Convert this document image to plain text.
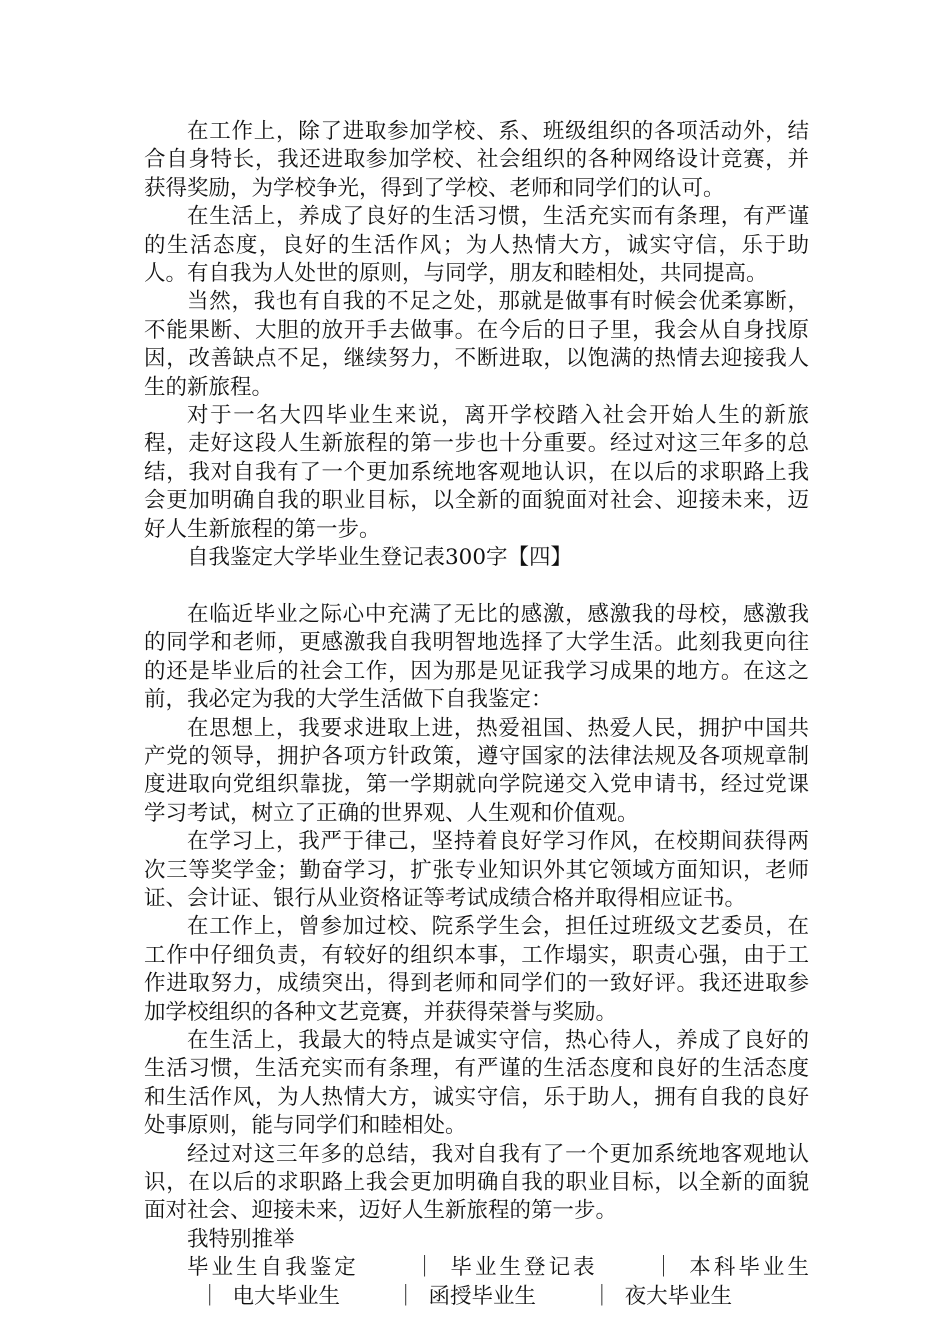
在工作上，除了进取参加学校、系、班级组织的各项活动外，结合自身特长，我还进取参加学校、社会组织的各种网络设计竞赛，并获得奖励，为学校争光，得到了学校、老师和同学们的认可。

在生活上，养成了良好的生活习惯，生活充实而有条理，有严谨的生活态度，良好的生活作风；为人热情大方，诚实守信，乐于助人。有自我为人处世的原则，与同学，朋友和睦相处，共同提高。

当然，我也有自我的不足之处，那就是做事有时候会优柔寡断，不能果断、大胆的放开手去做事。在今后的日子里，我会从自身找原因，改善缺点不足，继续努力，不断进取，以饱满的热情去迎接我人生的新旅程。

对于一名大四毕业生来说，离开学校踏入社会开始人生的新旅程，走好这段人生新旅程的第一步也十分重要。经过对这三年多的总结，我对自我有了一个更加系统地客观地认识，在以后的求职路上我会更加明确自我的职业目标，以全新的面貌面对社会、迎接未来，迈好人生新旅程的第一步。

自我鉴定大学毕业生登记表300字【四】

在临近毕业之际心中充满了无比的感激，感激我的母校，感激我的同学和老师，更感激我自我明智地选择了大学生活。此刻我更向往的还是毕业后的社会工作，因为那是见证我学习成果的地方。在这之前，我必定为我的大学生活做下自我鉴定：

在思想上，我要求进取上进，热爱祖国、热爱人民，拥护中国共产党的领导，拥护各项方针政策，遵守国家的法律法规及各项规章制度进取向党组织靠拢，第一学期就向学院递交入党申请书，经过党课学习考试，树立了正确的世界观、人生观和价值观。

在学习上，我严于律己，坚持着良好学习作风，在校期间获得两次三等奖学金；勤奋学习，扩张专业知识外其它领域方面知识，老师证、会计证、银行从业资格证等考试成绩合格并取得相应证书。

在工作上，曾参加过校、院系学生会，担任过班级文艺委员，在工作中仔细负责，有较好的组织本事，工作塌实，职责心强，由于工作进取努力，成绩突出，得到老师和同学们的一致好评。我还进取参加学校组织的各种文艺竞赛，并获得荣誉与奖励。

在生活上，我最大的特点是诚实守信，热心待人，养成了良好的生活习惯，生活充实而有条理，有严谨的生活态度和良好的生活态度和生活作风，为人热情大方，诚实守信，乐于助人，拥有自我的良好处事原则，能与同学们和睦相处。

经过对这三年多的总结，我对自我有了一个更加系统地客观地认识，在以后的求职路上我会更加明确自我的职业目标，以全新的面貌面对社会、迎接未来，迈好人生新旅程的第一步。

我特别推举

毕业生自我鉴定	｜ 毕业生登记表	｜ 本科毕业生｜ 电大毕业生	｜ 函授毕业生	｜ 夜大毕业生
